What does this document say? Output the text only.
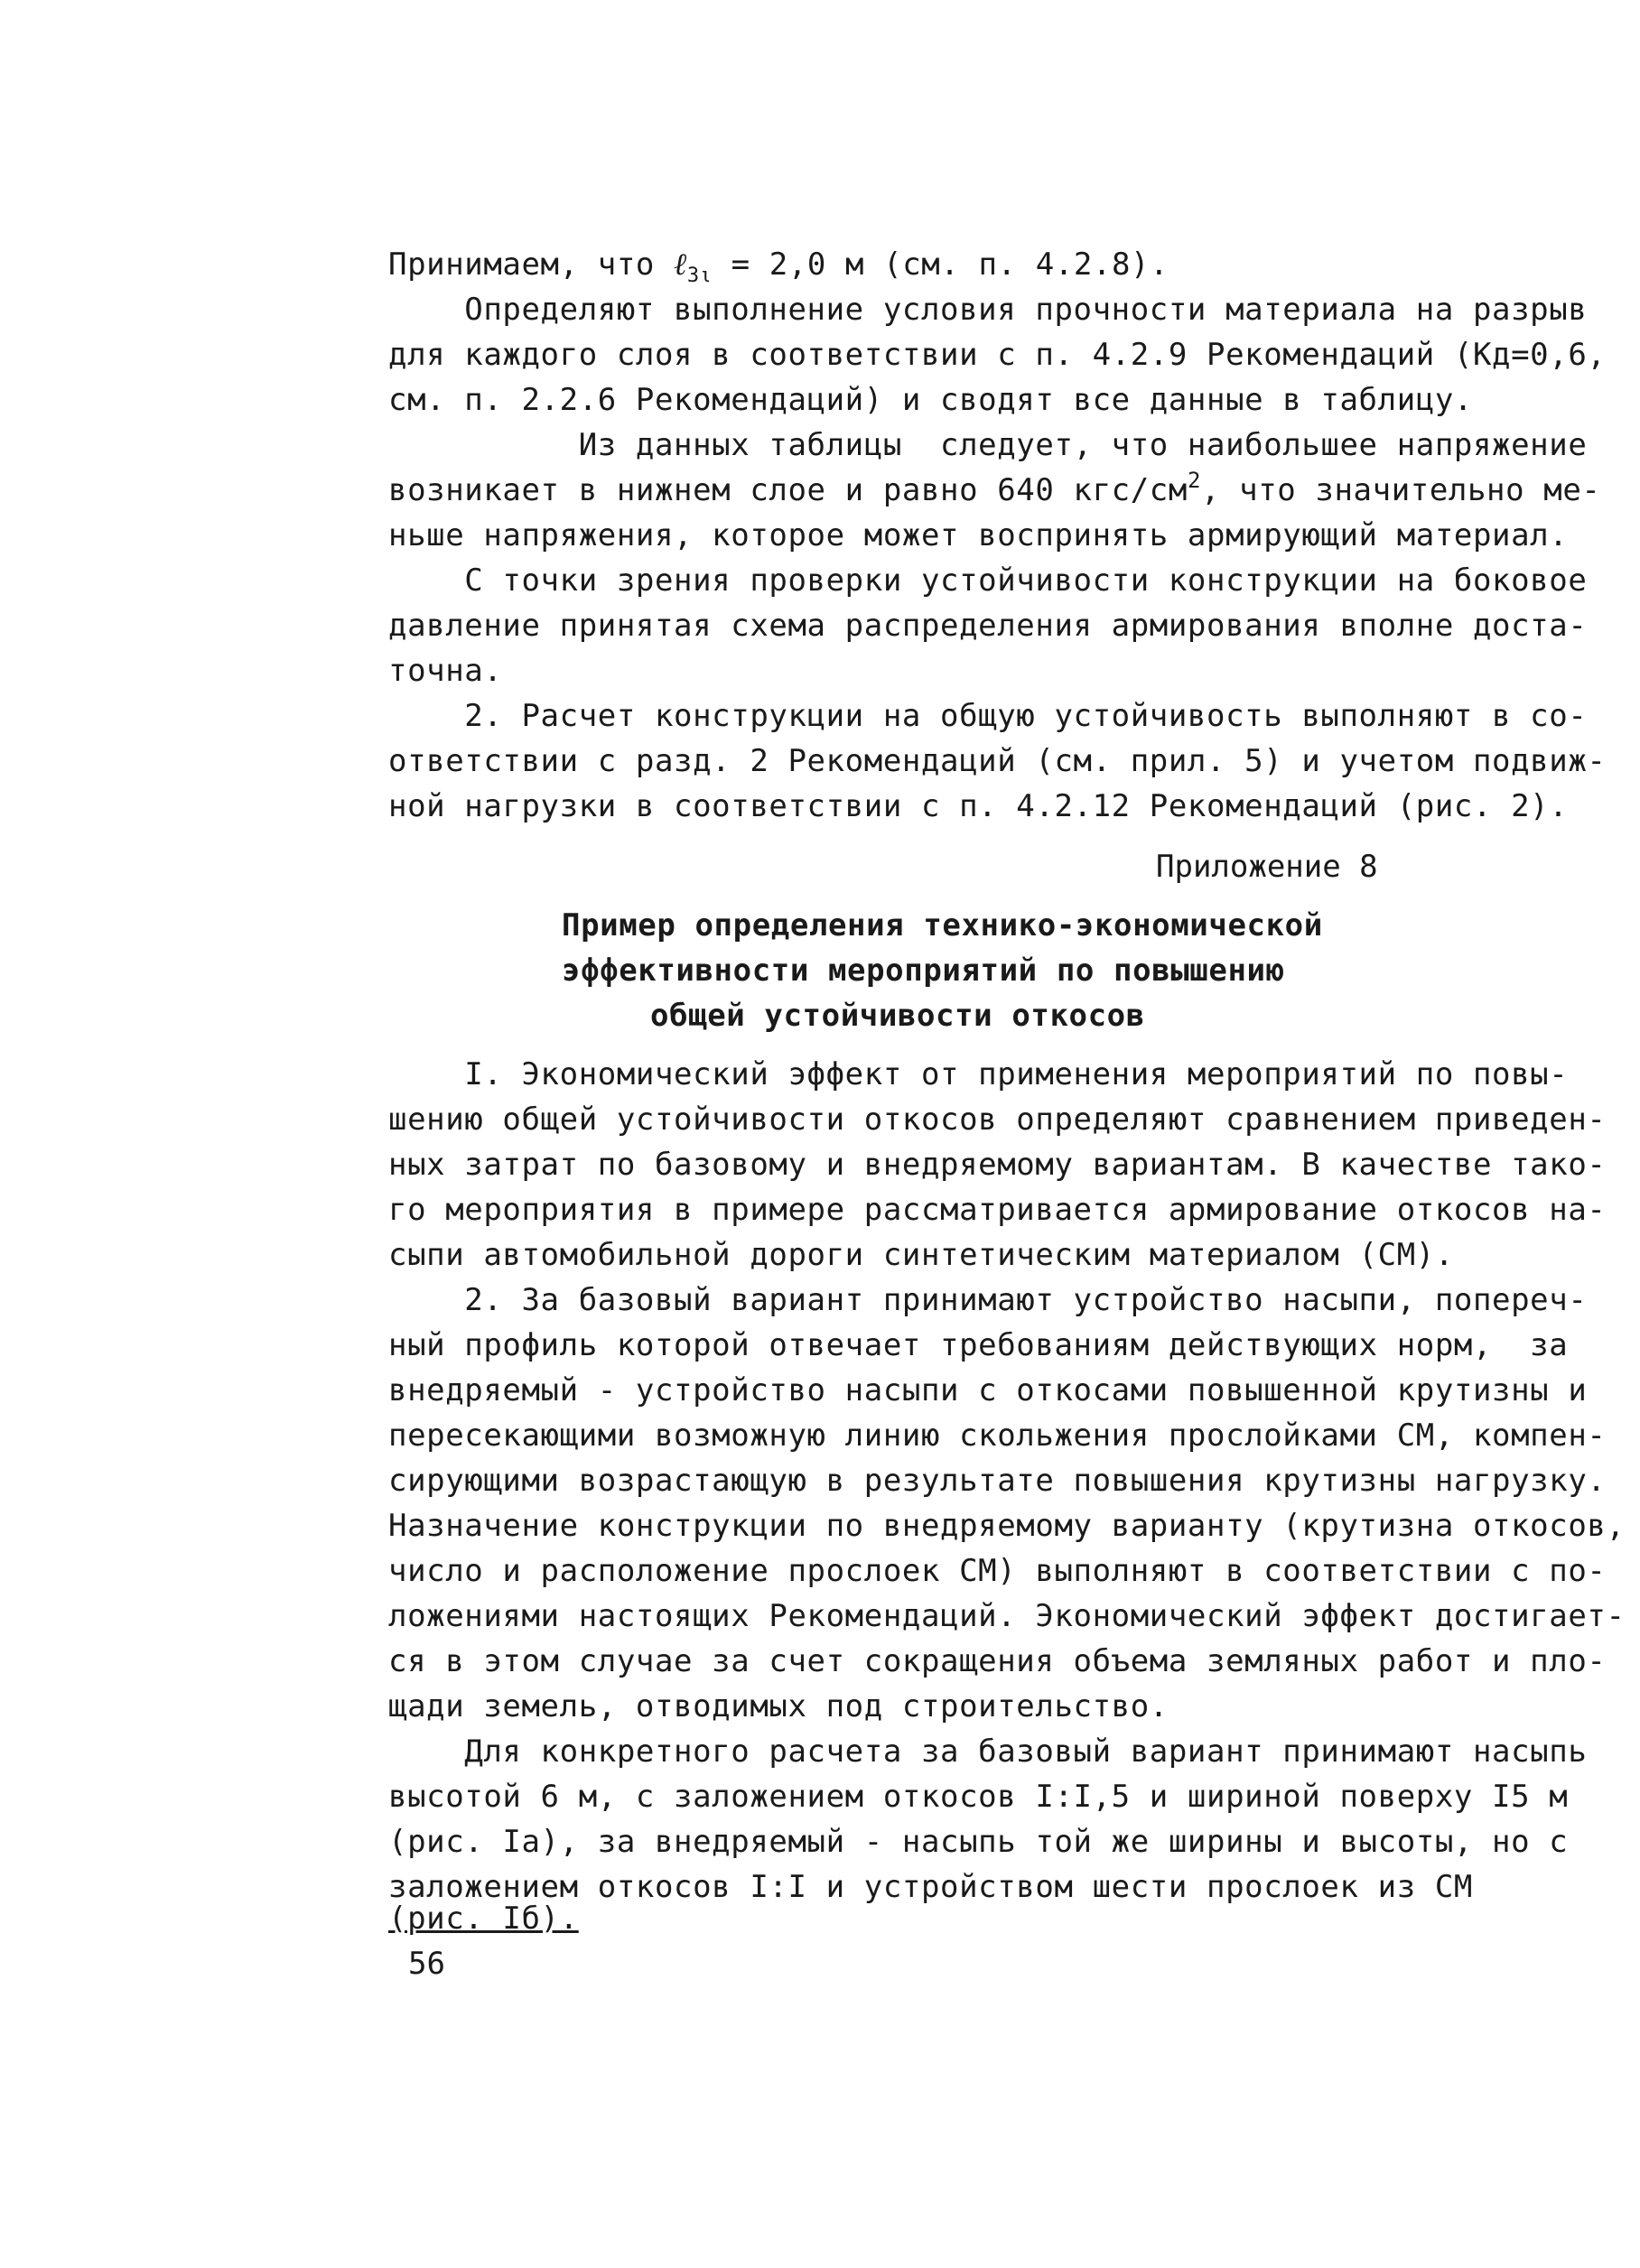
Принимаем, что ℓ$_{3\iota}$ = 2,0 м (см. п. 4.2.8).
Определяют выполнение условия прочности материала на разрыв
для каждого слоя в соответствии с п. 4.2.9 Рекомендаций (Кд=0,6,
см. п. 2.2.6 Рекомендаций) и сводят все данные в таблицу.
Из данных таблицы  следует, что наибольшее напряжение
возникает в нижнем слое и равно 640 кгс/$см^2$, что значительно ме-
ньше напряжения, которое может воспринять армирующий материал.
С точки зрения проверки устойчивости конструкции на боковое
давление принятая схема распределения армирования вполне доста-
точна.
2. Расчет конструкции на общую устойчивость выполняют в со-
ответствии с разд. 2 Рекомендаций (см. прил. 5) и учетом подвиж-
ной нагрузки в соответствии с п. 4.2.12 Рекомендаций (рис. 2).
Приложение 8
Пример определения технико-экономической
эффективности мероприятий по повышению
общей устойчивости откосов
I. Экономический эффект от применения мероприятий по повы-
шению общей устойчивости откосов определяют сравнением приведен-
ных затрат по базовому и внедряемому вариантам. В качестве тако-
го мероприятия в примере рассматривается армирование откосов на-
сыпи автомобильной дороги синтетическим материалом (СМ).
2. За базовый вариант принимают устройство насыпи, попереч-
ный профиль которой отвечает требованиям действующих норм,  за
внедряемый - устройство насыпи с откосами повышенной крутизны и
пересекающими возможную линию скольжения прослойками СМ, компен-
сирующими возрастающую в результате повышения крутизны нагрузку.
Назначение конструкции по внедряемому варианту (крутизна откосов,
число и расположение прослоек СМ) выполняют в соответствии с по-
ложениями настоящих Рекомендаций. Экономический эффект достигает-
ся в этом случае за счет сокращения объема земляных работ и пло-
щади земель, отводимых под строительство.
Для конкретного расчета за базовый вариант принимают насыпь
высотой 6 м, с заложением откосов I:I,5 и шириной поверху I5 м
(рис. Iа), за внедряемый - насыпь той же ширины и высоты, но с
заложением откосов I:I и устройством шести прослоек из СМ
(рис. Iб).
56
